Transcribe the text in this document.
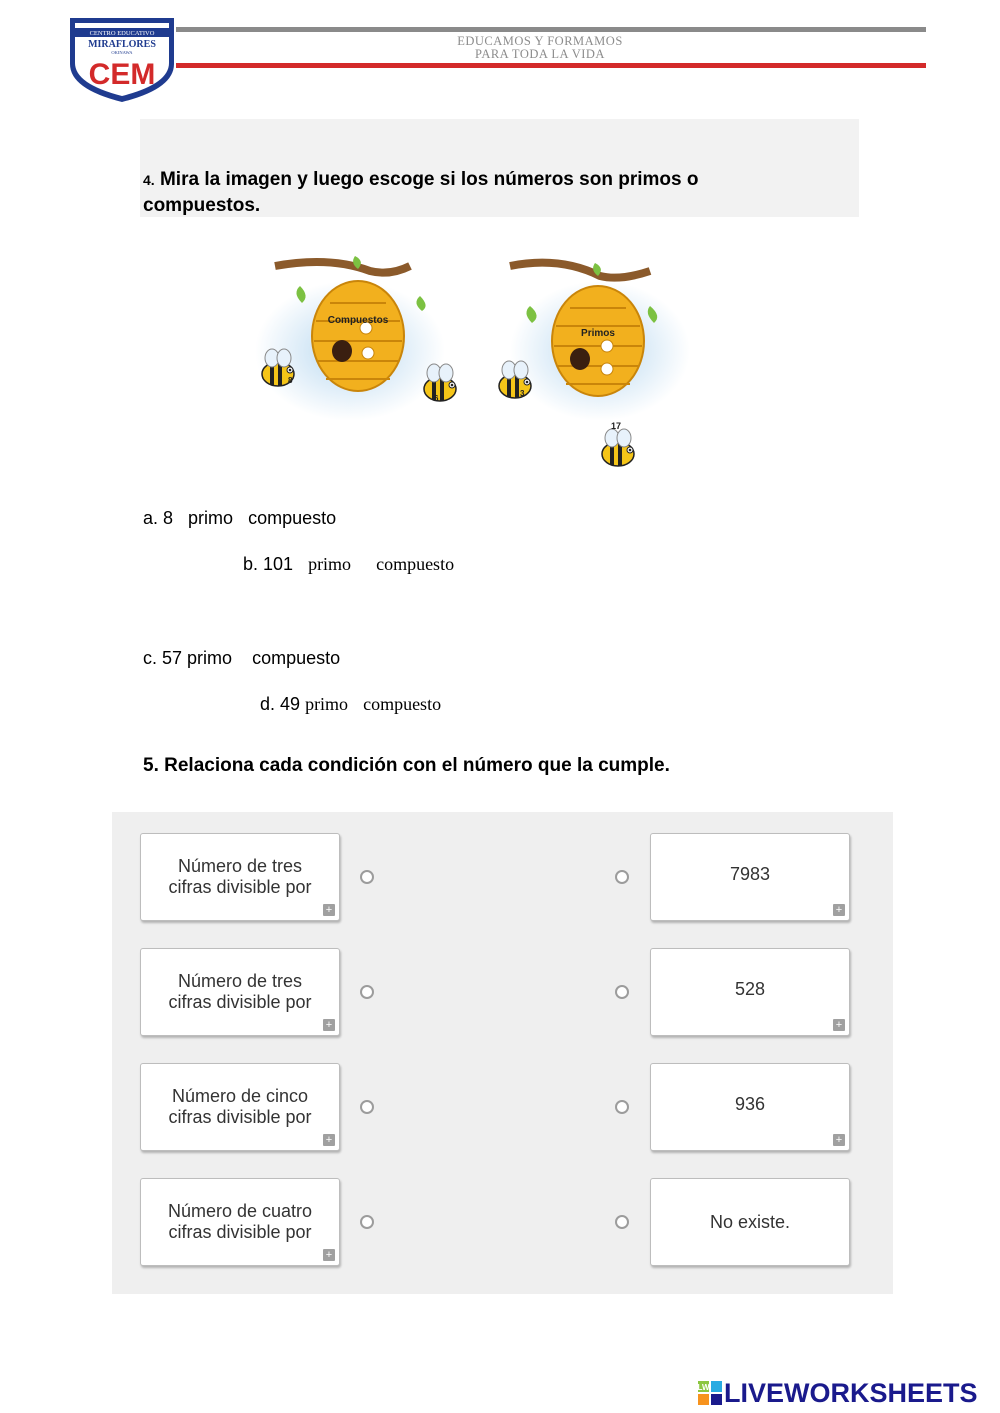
CENTRO EDUCATIVO
MIRAFLORES
OKINAWA
CEM
EDUCAMOS Y FORMAMOS
PARA TODA LA VIDA
4. Mira la imagen y luego escoge si los números son primos o compuestos.
Compuestos
Primos
8
6
3
17
a. 8 primo compuesto
b. 101 primo compuesto
c. 57 primo compuesto
d. 49 primo compuesto
5. Relaciona cada condición con el número que la cumple.
Número de tres
cifras divisible por
+
Número de tres
cifras divisible por
+
Número de cinco
cifras divisible por
+
Número de cuatro
cifras divisible por
+
7983
+
528
+
936
+
No existe.
LW LIVEWORKSHEETS
